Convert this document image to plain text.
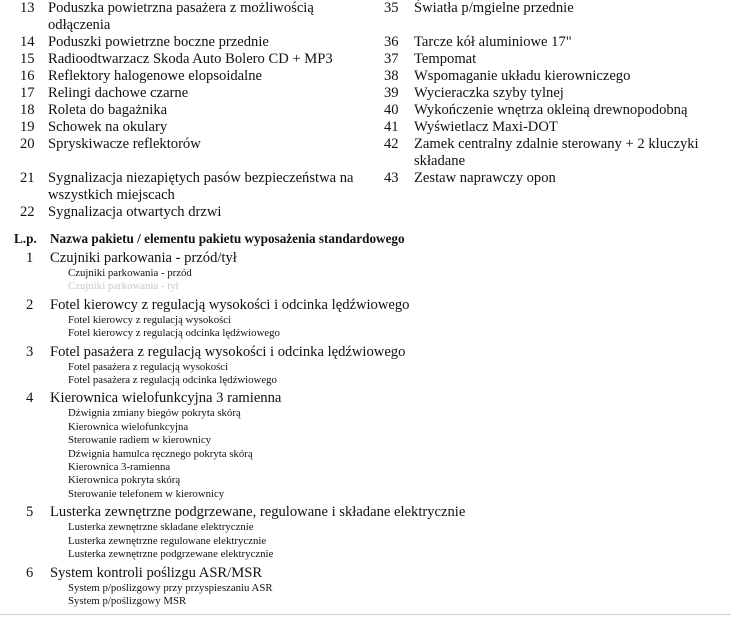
13 Poduszka powietrzna pasażera z możliwością odłączenia
14 Poduszki powietrzne boczne przednie
15 Radioodtwarzacz Skoda Auto Bolero CD + MP3
16 Reflektory halogenowe elopsoidalne
17 Relingi dachowe czarne
18 Roleta do bagażnika
19 Schowek na okulary
20 Spryskiwacze reflektorów
21 Sygnalizacja niezapiętych pasów bezpieczeństwa na wszystkich miejscach
22 Sygnalizacja otwartych drzwi
35	Światła p/mgielne przednie
36	Tarcze kół aluminiowe 17"
37	Tempomat
38	Wspomaganie układu kierowniczego
39	Wycieraczka szyby tylnej
40	Wykończenie wnętrza okleiną drewnopodobną
41	Wyświetlacz Maxi-DOT
42	Zamek centralny zdalnie sterowany + 2 kluczyki składane
43	Zestaw naprawczy opon
L.p.	Nazwa pakietu / elementu pakietu wyposażenia standardowego
1	Czujniki parkowania - przód/tył
Czujniki parkowania - przód
Czujniki parkowania - tył
2	Fotel kierowcy z regulacją wysokości i odcinka lędźwiowego
Fotel kierowcy z regulacją wysokości
Fotel kierowcy z regulacją odcinka lędźwiowego
3	Fotel pasażera z regulacją wysokości i odcinka lędźwiowego
Fotel pasażera z regulacją wysokości
Fotel pasażera z regulacją odcinka lędźwiowego
4	Kierownica wielofunkcyjna 3 ramienna
Dźwignia zmiany biegów pokryta skórą
Kierownica wielofunkcyjna
Sterowanie radiem w kierownicy
Dźwignia hamulca ręcznego pokryta skórą
Kierownica 3-ramienna
Kierownica pokryta skórą
Sterowanie telefonem w kierownicy
5	Lusterka zewnętrzne podgrzewane, regulowane i składane elektrycznie
Lusterka zewnętrzne składane elektrycznie
Lusterka zewnętrzne regulowane elektrycznie
Lusterka zewnętrzne podgrzewane elektrycznie
6	System kontroli poślizgu ASR/MSR
System p/poślizgowy przy przyspieszaniu ASR
System p/poślizgowy MSR
